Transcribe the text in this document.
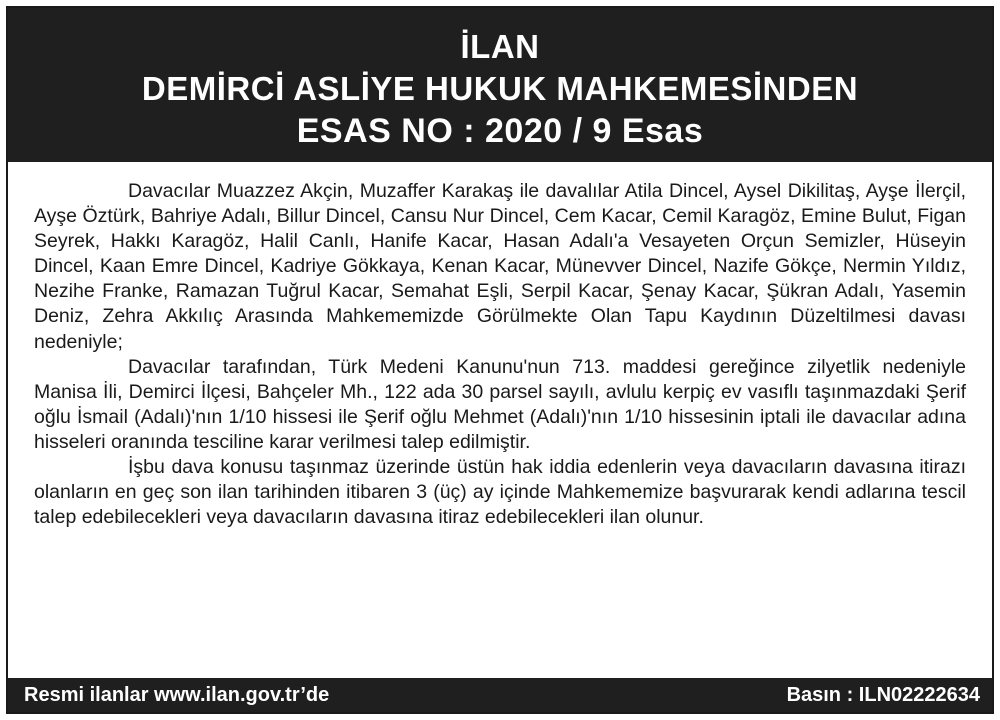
İLAN
DEMİRCİ ASLİYE HUKUK MAHKEMESİNDEN
ESAS NO : 2020 / 9 Esas

Davacılar Muazzez Akçin, Muzaffer Karakaş ile davalılar Atila Dincel, Aysel Dikilitaş, Ayşe İlerçil, Ayşe Öztürk, Bahriye Adalı, Billur Dincel, Cansu Nur Dincel, Cem Kacar, Cemil Karagöz, Emine Bulut, Figan Seyrek, Hakkı Karagöz, Halil Canlı, Hanife Kacar, Hasan Adalı'a Vesayeten Orçun Semizler, Hüseyin Dincel, Kaan Emre Dincel, Kadriye Gökkaya, Kenan Kacar, Münevver Dincel, Nazife Gökçe, Nermin Yıldız, Nezihe Franke, Ramazan Tuğrul Kacar, Semahat Eşli, Serpil Kacar, Şenay Kacar, Şükran Adalı, Yasemin Deniz, Zehra Akkılıç Arasında Mahkememizde Görülmekte Olan Tapu Kaydının Düzeltilmesi davası nedeniyle;

Davacılar tarafından, Türk Medeni Kanunu'nun 713. maddesi gereğince zilyetlik nedeniyle Manisa İli, Demirci İlçesi, Bahçeler Mh., 122 ada 30 parsel sayılı, avlulu kerpiç ev vasıflı taşınmazdaki Şerif oğlu İsmail (Adalı)'nın 1/10 hissesi ile Şerif oğlu Mehmet (Adalı)'nın 1/10 hissesinin iptali ile davacılar adına hisseleri oranında tesciline karar verilmesi talep edilmiştir.

İşbu dava konusu taşınmaz üzerinde üstün hak iddia edenlerin veya davacıların davasına itirazı olanların en geç son ilan tarihinden itibaren 3 (üç) ay içinde Mahkememize başvurarak kendi adlarına tescil talep edebilecekleri veya davacıların davasına itiraz edebilecekleri ilan olunur.

Resmi ilanlar www.ilan.gov.tr’de	Basın : ILN02222634
